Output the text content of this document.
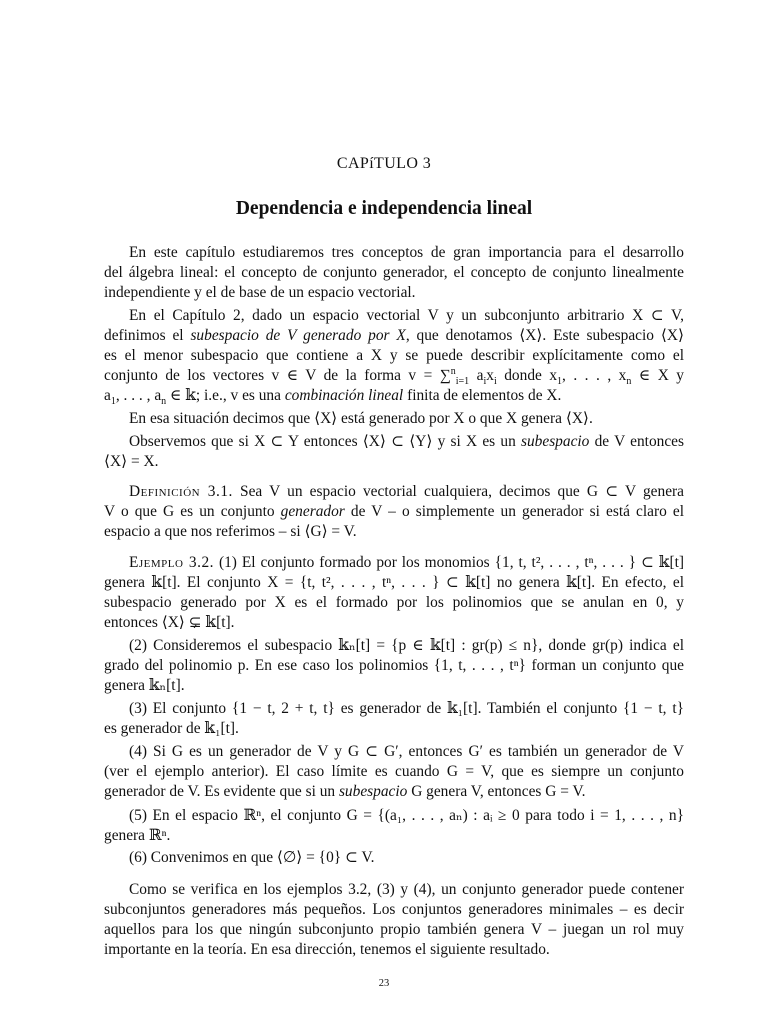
CAPíTULO 3
Dependencia e independencia lineal
En este capítulo estudiaremos tres conceptos de gran importancia para el desarrollo
del álgebra lineal: el concepto de conjunto generador, el concepto de conjunto linealmente
independiente y el de base de un espacio vectorial.
En el Capítulo 2, dado un espacio vectorial V y un subconjunto arbitrario X ⊂ V,
definimos el subespacio de V generado por X, que denotamos ⟨X⟩. Este subespacio ⟨X⟩
es el menor subespacio que contiene a X y se puede describir explícitamente como el
conjunto de los vectores v ∈ V de la forma v = ∑$^n_{i=1}$ $a_ix_i$ donde $x_1$, . . . , $x_n$ ∈ X y
$a_1$, . . . , $a_n$ ∈ 𝕜; i.e., v es una combinación lineal finita de elementos de X.
En esa situación decimos que ⟨X⟩ está generado por X o que X genera ⟨X⟩.
Observemos que si X ⊂ Y entonces ⟨X⟩ ⊂ ⟨Y⟩ y si X es un subespacio de V entonces
⟨X⟩ = X.
Definición 3.1. Sea V un espacio vectorial cualquiera, decimos que G ⊂ V genera
V o que G es un conjunto generador de V – o simplemente un generador si está claro el
espacio a que nos referimos – si ⟨G⟩ = V.
Ejemplo 3.2. (1) El conjunto formado por los monomios {1, t, t², . . . , tⁿ, . . . } ⊂ 𝕜[t]
genera 𝕜[t]. El conjunto X = {t, t², . . . , tⁿ, . . . } ⊂ 𝕜[t] no genera 𝕜[t]. En efecto, el
subespacio generado por X es el formado por los polinomios que se anulan en 0, y
entonces ⟨X⟩ ⊊ 𝕜[t].
(2) Consideremos el subespacio 𝕜ₙ[t] = {p ∈ 𝕜[t] : gr(p) ≤ n}, donde gr(p) indica el
grado del polinomio p. En ese caso los polinomios {1, t, . . . , tⁿ} forman un conjunto que
genera 𝕜ₙ[t].
(3) El conjunto {1 − t, 2 + t, t} es generador de 𝕜₁[t]. También el conjunto {1 − t, t}
es generador de 𝕜₁[t].
(4) Si G es un generador de V y G ⊂ G′, entonces G′ es también un generador de V
(ver el ejemplo anterior). El caso límite es cuando G = V, que es siempre un conjunto
generador de V. Es evidente que si un subespacio G genera V, entonces G = V.
(5) En el espacio ℝⁿ, el conjunto G = {(a₁, . . . , aₙ) : aᵢ ≥ 0 para todo i = 1, . . . , n}
genera ℝⁿ.
(6) Convenimos en que ⟨∅⟩ = {0} ⊂ V.
Como se verifica en los ejemplos 3.2, (3) y (4), un conjunto generador puede contener
subconjuntos generadores más pequeños. Los conjuntos generadores minimales – es decir
aquellos para los que ningún subconjunto propio también genera V – juegan un rol muy
importante en la teoría. En esa dirección, tenemos el siguiente resultado.
23
